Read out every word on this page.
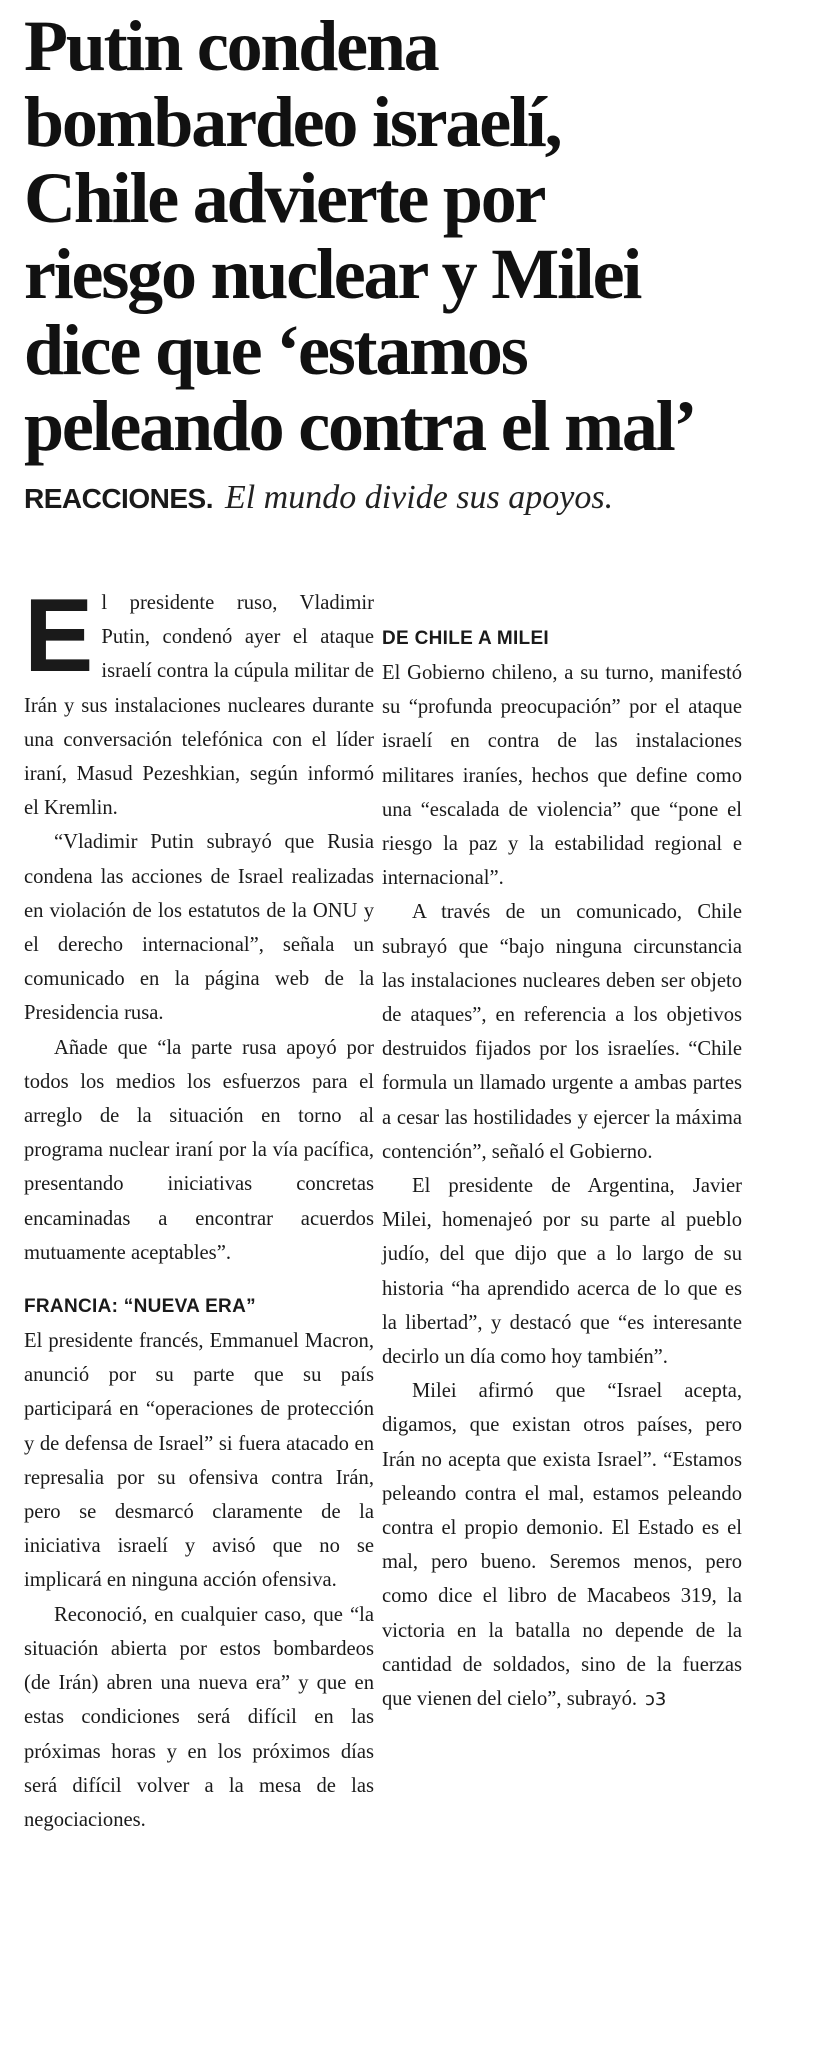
Putin condena
bombardeo israelí,
Chile advierte por
riesgo nuclear y Milei
dice que ‘estamos
peleando contra el mal’
REACCIONES. El mundo divide sus apoyos.

El presidente ruso, Vladimir Putin, condenó ayer el ataque israelí contra la cúpula militar de Irán y sus instalaciones nucleares durante una conversación telefónica con el líder iraní, Masud Pezeshkian, según informó el Kremlin.

“Vladimir Putin subrayó que Rusia condena las acciones de Israel realizadas en violación de los estatutos de la ONU y el derecho internacional”, señala un comunicado en la página web de la Presidencia rusa.

Añade que “la parte rusa apoyó por todos los medios los esfuerzos para el arreglo de la situación en torno al programa nuclear iraní por la vía pacífica, presentando iniciativas concretas encaminadas a encontrar acuerdos mutuamente aceptables”.

FRANCIA: “NUEVA ERA”

El presidente francés, Emmanuel Macron, anunció por su parte que su país participará en “operaciones de protección y de defensa de Israel” si fuera atacado en represalia por su ofensiva contra Irán, pero se desmarcó claramente de la iniciativa israelí y avisó que no se implicará en ninguna acción ofensiva.

Reconoció, en cualquier caso, que “la situación abierta por estos bombardeos (de Irán) abren una nueva era” y que en estas condiciones será difícil en las próximas horas y en los próximos días será difícil volver a la mesa de las negociaciones.

DE CHILE A MILEI

El Gobierno chileno, a su turno, manifestó su “profunda preocupación” por el ataque israelí en contra de las instalaciones militares iraníes, hechos que define como una “escalada de violencia” que “pone el riesgo la paz y la estabilidad regional e internacional”.

A través de un comunicado, Chile subrayó que “bajo ninguna circunstancia las instalaciones nucleares deben ser objeto de ataques”, en referencia a los objetivos destruidos fijados por los israelíes. “Chile formula un llamado urgente a ambas partes a cesar las hostilidades y ejercer la máxima contención”, señaló el Gobierno.

El presidente de Argentina, Javier Milei, homenajeó por su parte al pueblo judío, del que dijo que a lo largo de su historia “ha aprendido acerca de lo que es la libertad”, y destacó que “es interesante decirlo un día como hoy también”.

Milei afirmó que “Israel acepta, digamos, que existan otros países, pero Irán no acepta que exista Israel”. “Estamos peleando contra el mal, estamos peleando contra el propio demonio. El Estado es el mal, pero bueno. Seremos menos, pero como dice el libro de Macabeos 319, la victoria en la batalla no depende de la cantidad de soldados, sino de la fuerzas que vienen del cielo”, subrayó. ↄ3
